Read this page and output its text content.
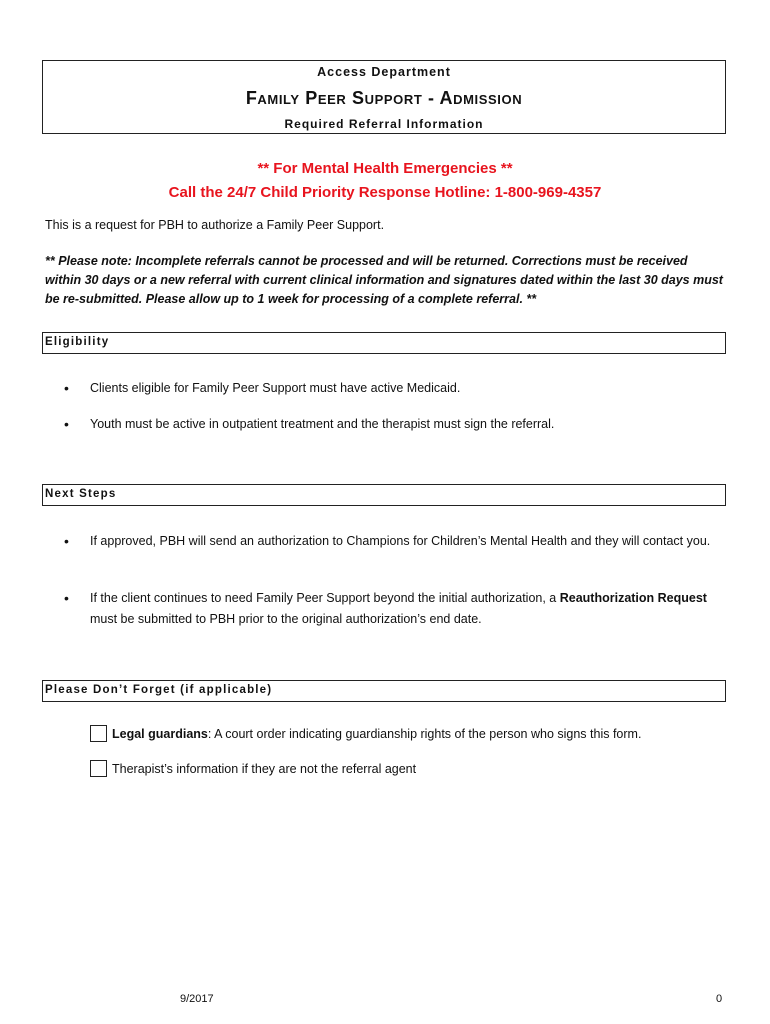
Access Department
Family Peer Support - Admission
Required Referral Information
** For Mental Health Emergencies **
Call the 24/7 Child Priority Response Hotline: 1-800-969-4357
This is a request for PBH to authorize a Family Peer Support.
** Please note: Incomplete referrals cannot be processed and will be returned. Corrections must be received within 30 days or a new referral with current clinical information and signatures dated within the last 30 days must be re-submitted. Please allow up to 1 week for processing of a complete referral. **
Eligibility
• Clients eligible for Family Peer Support must have active Medicaid.
• Youth must be active in outpatient treatment and the therapist must sign the referral.
Next Steps
• If approved, PBH will send an authorization to Champions for Children’s Mental Health and they will contact you.
• If the client continues to need Family Peer Support beyond the initial authorization, a Reauthorization Request must be submitted to PBH prior to the original authorization’s end date.
Please Don’t Forget (if applicable)
Legal guardians: A court order indicating guardianship rights of the person who signs this form.
Therapist’s information if they are not the referral agent
9/2017	0
